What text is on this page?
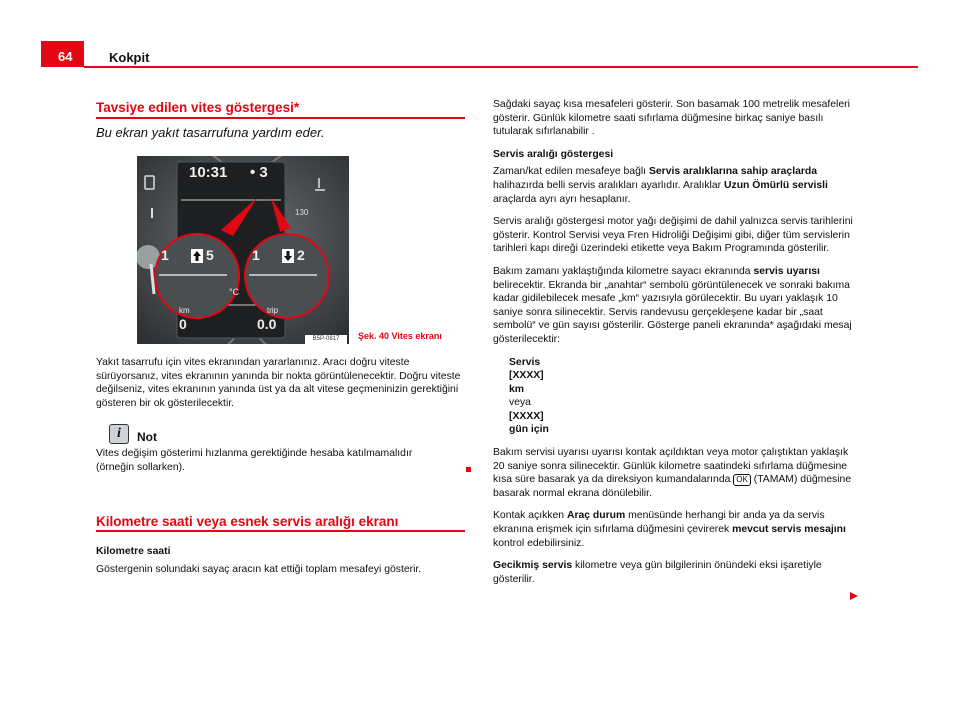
64	Kokpit
Tavsiye edilen vites göstergesi*
Bu ekran yakıt tasarrufuna yardım eder.
10:31 • 3
1	5	1	2
°C
130
km
0
trip
0.0
B5P-0817	Şek. 40 Vites ekranı

Yakıt tasarrufu için vites ekranından yararlanınız. Aracı doğru viteste sürüyorsanız, vites ekranının yanında bir nokta görüntülenecektir. Doğru viteste değilseniz, vites ekranının yanında üst ya da alt vitese geçmeninizin gerektiğini gösteren bir ok gösterilecektir.

i	Not

Vites değişim gösterimi hızlanma gerektiğinde hesaba katılmamalıdır (örneğin sollarken).

Kilometre saati veya esnek servis aralığı ekranı

Kilometre saati

Göstergenin solundaki sayaç aracın kat ettiği toplam mesafeyi gösterir.

Sağdaki sayaç kısa mesafeleri gösterir. Son basamak 100 metrelik mesafeleri gösterir. Günlük kilometre saati sıfırlama düğmesine birkaç saniye basılı tutularak sıfırlanabilir .

Servis aralığı göstergesi

Zaman/kat edilen mesafeye bağlı Servis aralıklarına sahip araçlarda halihazırda belli servis aralıkları ayarlıdır. Aralıklar Uzun Ömürlü servisli araçlarda ayrı ayrı hesaplanır.

Servis aralığı göstergesi motor yağı değişimi de dahil yalnızca servis tarihlerini gösterir. Kontrol Servisi veya Fren Hidroliği Değişimi gibi, diğer tüm servislerin tarihleri kapı direği üzerindeki etikette veya Bakım Programında gösterilir.

Bakım zamanı yaklaştığında kilometre sayacı ekranında servis uyarısı belirecektir. Ekranda bir „anahtar“ sembolü görüntülenecek ve sonraki bakıma kadar gidilebilecek mesafe „km“ yazısıyla görülecektir. Bu uyarı yaklaşık 10 saniye sonra silinecektir. Servis randevusu gerçekleşene kadar bir „saat sembolü“ ve gün sayısı gösterilir. Gösterge paneli ekranında* aşağıdaki mesaj gösterilecektir:

Servis

[XXXX]

km

veya

[XXXX]

gün için

Bakım servisi uyarısı uyarısı kontak açıldıktan veya motor çalıştıktan yaklaşık 20 saniye sonra silinecektir. Günlük kilometre saatindeki sıfırlama düğmesine kısa süre basarak ya da direksiyon kumandalarında OK (TAMAM) düğmesine basarak normal ekrana dönülebilir.

Kontak açıkken Araç durum menüsünde herhangi bir anda ya da servis ekranına erişmek için sıfırlama düğmesini çevirerek mevcut servis mesajını kontrol edebilirsiniz.

Gecikmiş servis kilometre veya gün bilgilerinin önündeki eksi işaretiyle gösterilir.
